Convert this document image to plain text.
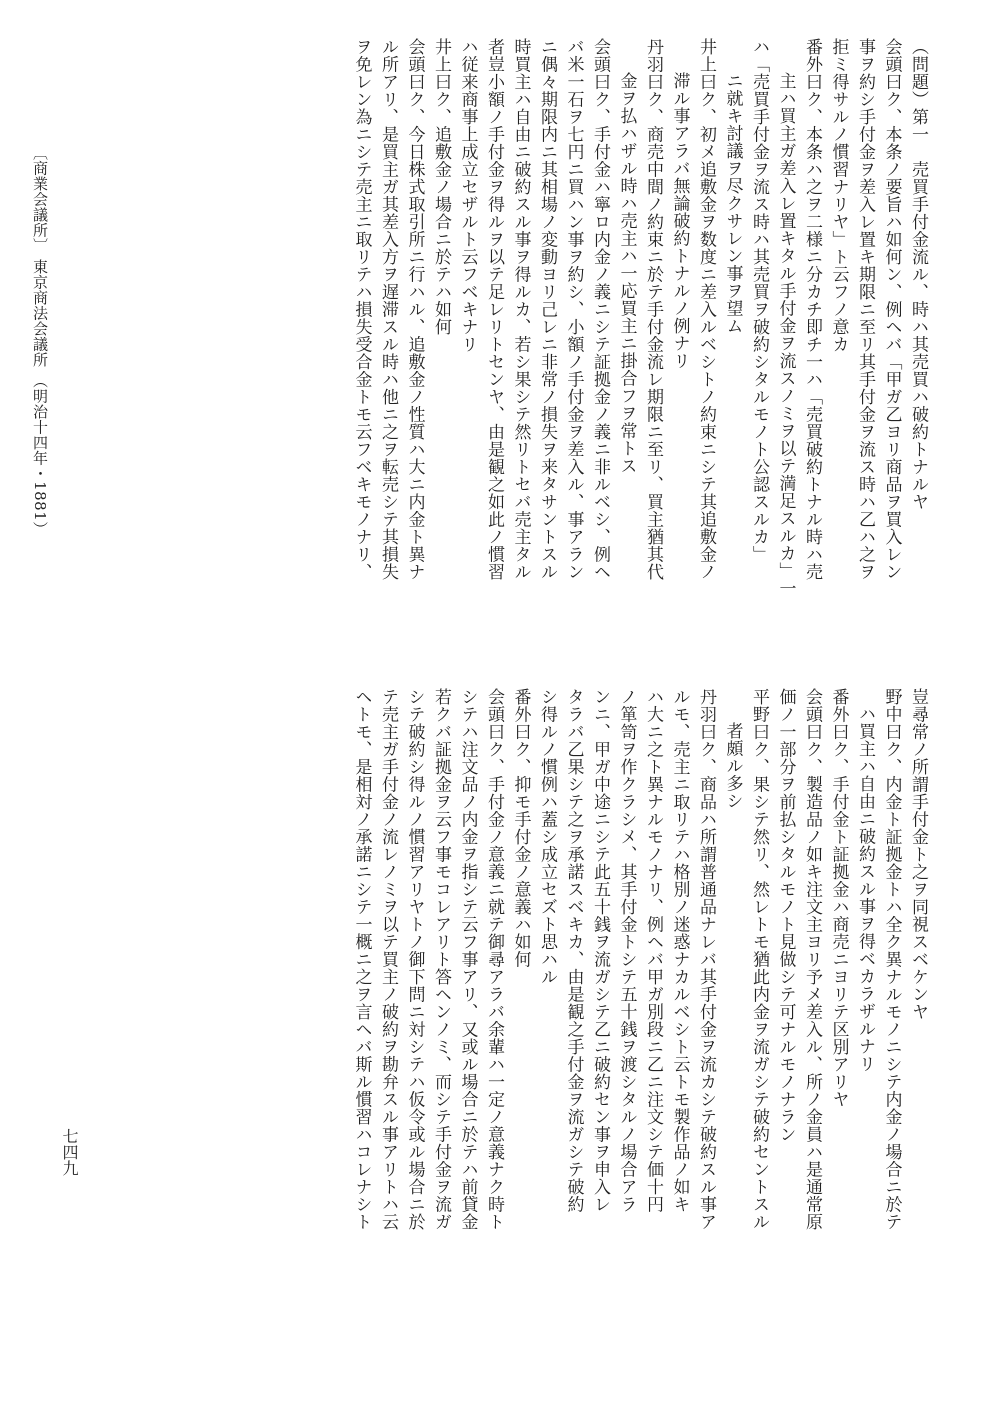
（問題）第一　売買手付金流ル、時ハ其売買ハ破約トナルヤ
会頭曰ク、本条ノ要旨ハ如何ン、例ヘバ「甲ガ乙ヨリ商品ヲ買入レン
事ヲ約シ手付金ヲ差入レ置キ期限ニ至リ其手付金ヲ流ス時ハ乙ハ之ヲ
拒ミ得サルノ慣習ナリヤ」ト云フノ意カ
番外曰ク、本条ハ之ヲ二様ニ分カチ即チ一ハ「売買破約トナル時ハ売
主ハ買主ガ差入レ置キタル手付金ヲ流スノミヲ以テ満足スルカ」一
ハ「売買手付金ヲ流ス時ハ其売買ヲ破約シタルモノト公認スルカ」
ニ就キ討議ヲ尽クサレン事ヲ望ム
井上曰ク、初メ追敷金ヲ数度ニ差入ルベシトノ約束ニシテ其追敷金ノ
滞ル事アラバ無論破約トナルノ例ナリ
丹羽曰ク、商売中間ノ約束ニ於テ手付金流レ期限ニ至リ、買主猶其代
金ヲ払ハザル時ハ売主ハ一応買主ニ掛合フヲ常トス
会頭曰ク、手付金ハ寧ロ内金ノ義ニシテ証拠金ノ義ニ非ルベシ、例ヘ
バ米一石ヲ七円ニ買ハン事ヲ約シ、小額ノ手付金ヲ差入ル、事アラン
ニ偶々期限内ニ其相場ノ変動ヨリ己レニ非常ノ損失ヲ来タサントスル
時買主ハ自由ニ破約スル事ヲ得ルカ、若シ果シテ然リトセバ売主タル
者豈小額ノ手付金ヲ得ルヲ以テ足レリトセンヤ、由是観之如此ノ慣習
ハ従来商事上成立セザルト云フベキナリ
井上曰ク、追敷金ノ場合ニ於テハ如何
会頭曰ク、今日株式取引所ニ行ハル、追敷金ノ性質ハ大ニ内金ト異ナ
ル所アリ、是買主ガ其差入方ヲ遅滞スル時ハ他ニ之ヲ転売シテ其損失
ヲ免レン為ニシテ売主ニ取リテハ損失受合金トモ云フベキモノナリ、
豈尋常ノ所謂手付金ト之ヲ同視スベケンヤ
野中曰ク、内金ト証拠金トハ全ク異ナルモノニシテ内金ノ場合ニ於テ
ハ買主ハ自由ニ破約スル事ヲ得ベカラザルナリ
番外曰ク、手付金ト証拠金ハ商売ニヨリテ区別アリヤ
会頭曰ク、製造品ノ如キ注文主ヨリ予メ差入ル、所ノ金員ハ是通常原
価ノ一部分ヲ前払シタルモノト見做シテ可ナルモノナラン
平野曰ク、果シテ然リ、然レトモ猶此内金ヲ流ガシテ破約セントスル
者頗ル多シ
丹羽曰ク、商品ハ所謂普通品ナレバ其手付金ヲ流カシテ破約スル事ア
ルモ、売主ニ取リテハ格別ノ迷惑ナカルベシト云トモ製作品ノ如キ
ハ大ニ之ト異ナルモノナリ、例ヘバ甲ガ別段ニ乙ニ注文シテ価十円
ノ箪笥ヲ作クラシメ、其手付金トシテ五十銭ヲ渡シタルノ場合アラ
ンニ、甲ガ中途ニシテ此五十銭ヲ流ガシテ乙ニ破約セン事ヲ申入レ
タラバ乙果シテ之ヲ承諾スベキカ、由是観之手付金ヲ流ガシテ破約
シ得ルノ慣例ハ蓋シ成立セズト思ハル
番外曰ク、抑モ手付金ノ意義ハ如何
会頭曰ク、手付金ノ意義ニ就テ御尋アラバ余輩ハ一定ノ意義ナク時ト
シテハ注文品ノ内金ヲ指シテ云フ事アリ、又或ル場合ニ於テハ前貸金
若クバ証拠金ヲ云フ事モコレアリト答ヘンノミ、而シテ手付金ヲ流ガ
シテ破約シ得ルノ慣習アリヤトノ御下問ニ対シテハ仮令或ル場合ニ於
テ売主ガ手付金ノ流レノミヲ以テ買主ノ破約ヲ勘弁スル事アリトハ云
ヘトモ、是相対ノ承諾ニシテ一概ニ之ヲ言ヘバ斯ル慣習ハコレナシト
〔商業会議所〕 東京商法会議所 （明治十四年・1881）
七四九
